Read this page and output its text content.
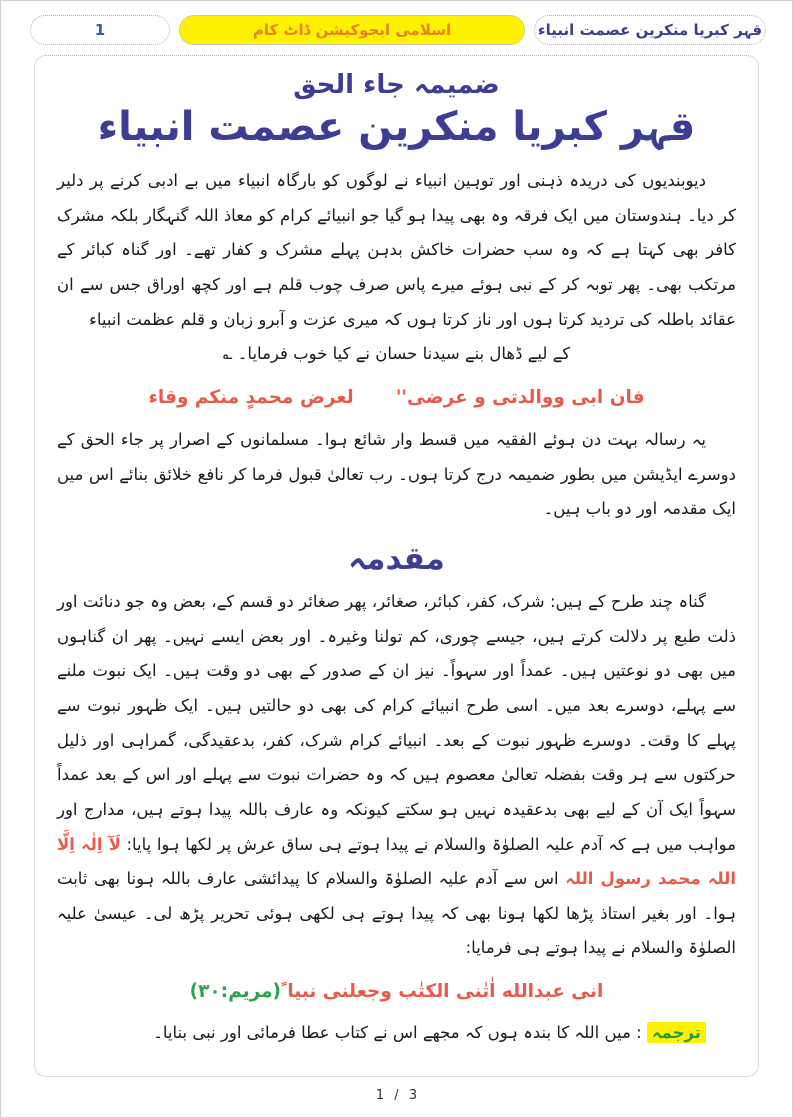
قہر کبریا منکرین عصمت انبیاء
اسلامی ایجوکیشن ڈاٹ کام
1
ضمیمہ جاء الحق
قہر کبریا منکرین عصمت انبیاء

دیوبندیوں کی دریدہ ذہنی اور توہین انبیاء نے لوگوں کو بارگاہ انبیاء میں بے ادبی کرنے پر دلیر کر دیا۔ ہندوستان میں ایک فرقہ وہ بھی پیدا ہو گیا جو انبیائے کرام کو معاذ اللہ گنہگار بلکہ مشرک کافر بھی کہتا ہے کہ وہ سب حضرات خاکش بدہن پہلے مشرک و کفار تھے۔ اور گناہ کبائر کے مرتکب بھی۔ پھر توبہ کر کے نبی ہوئے میرے پاس صرف چوب قلم ہے اور کچھ اوراق جس سے ان عقائد باطلہ کی تردید کرتا ہوں اور ناز کرتا ہوں کہ میری عزت و آبرو زبان و قلم عظمت انبیاء

کے لیے ڈھال بنے سیدنا حسان نے کیا خوب فرمایا۔ ؎

فان ابی ووالدتی و عرضی''
لعرض محمدٍ منکم وقاء

یہ رسالہ بہت دن ہوئے الفقیہ میں قسط وار شائع ہوا۔ مسلمانوں کے اصرار پر جاء الحق کے دوسرے ایڈیشن میں بطور ضمیمہ درج کرتا ہوں۔ رب تعالیٰ قبول فرما کر نافع خلائق بنائے اس میں ایک مقدمہ اور دو باب ہیں۔

مقدمہ

گناہ چند طرح کے ہیں: شرک، کفر، کبائر، صغائر، پھر صغائر دو قسم کے، بعض وہ جو دنائت اور ذلت طبع پر دلالت کرتے ہیں، جیسے چوری، کم تولنا وغیرہ۔ اور بعض ایسے نہیں۔ پھر ان گناہوں میں بھی دو نوعتیں ہیں۔ عمداً اور سہواً۔ نیز ان کے صدور کے بھی دو وقت ہیں۔ ایک نبوت ملنے سے پہلے، دوسرے بعد میں۔ اسی طرح انبیائے کرام کی بھی دو حالتیں ہیں۔ ایک ظہور نبوت سے پہلے کا وقت۔ دوسرے ظہور نبوت کے بعد۔ انبیائے کرام شرک، کفر، بدعقیدگی، گمراہی اور ذلیل حرکتوں سے ہر وقت بفضلہ تعالیٰ معصوم ہیں کہ وہ حضرات نبوت سے پہلے اور اس کے بعد عمداً سہواً ایک آن کے لیے بھی بدعقیدہ نہیں ہو سکتے کیونکہ وہ عارف باللہ پیدا ہوتے ہیں، مدارج اور مواہب میں ہے کہ آدم علیہ الصلوٰۃ والسلام نے پیدا ہوتے ہی ساق عرش پر لکھا ہوا پایا: لَآ اِلٰہ اِلَّا اللہ محمد رسول اللہ اس سے آدم علیہ الصلوٰۃ والسلام کا پیدائشی عارف باللہ ہونا بھی ثابت ہوا۔ اور بغیر استاذ پڑھا لکھا ہونا بھی کہ پیدا ہوتے ہی لکھی ہوئی تحریر پڑھ لی۔ عیسیٰ علیہ الصلوٰۃ والسلام نے پیدا ہوتے ہی فرمایا:

انی عبدالله اٰتٰنی الکتٰب وجعلنی نبیاﹰ(مریم:۳۰)

ترجمہ : میں اللہ کا بندہ ہوں کہ مجھے اس نے کتاب عطا فرمائی اور نبی بنایا۔

1 / 3
